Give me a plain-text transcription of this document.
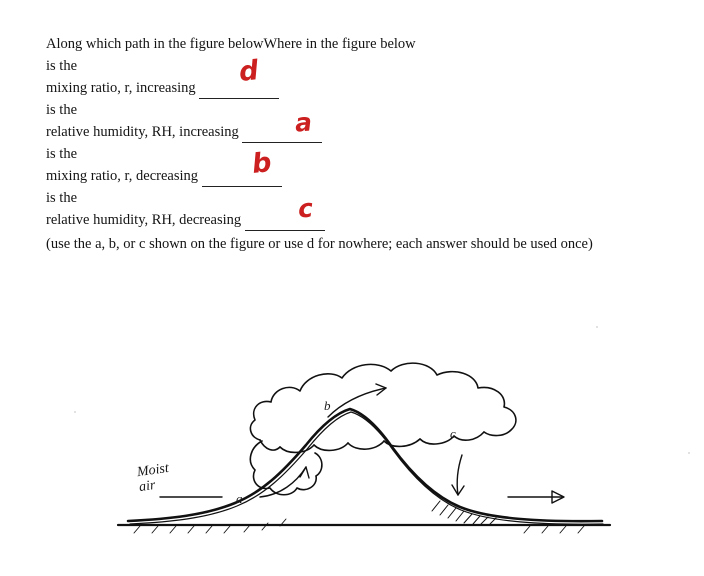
Along which path in the figure belowWhere in the figure below
is the
mixing ratio, r, increasing
is the
relative humidity, RH, increasing
is the
mixing ratio, r, decreasing
is the
relative humidity, RH, decreasing
(use the a, b, or c shown on the figure or use d for nowhere; each answer should be used once)
d
a
b
c
Moist
air
a
b
c
